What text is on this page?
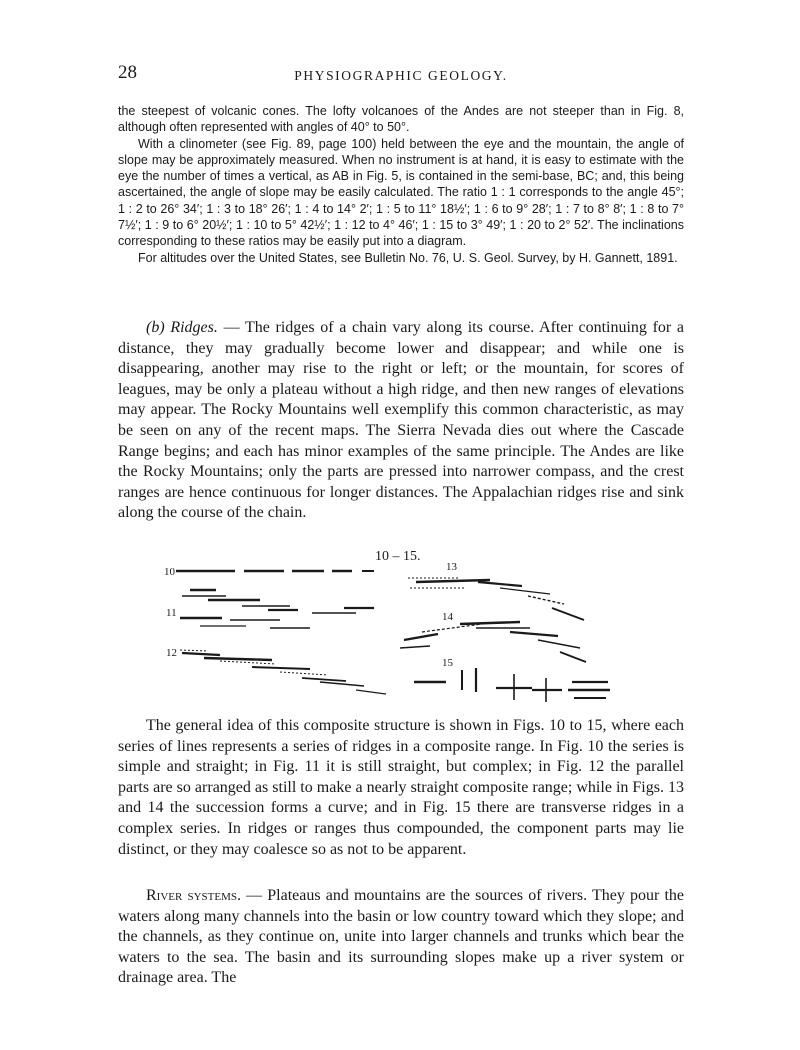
28	PHYSIOGRAPHIC GEOLOGY.

the steepest of volcanic cones. The lofty volcanoes of the Andes are not steeper than in Fig. 8, although often represented with angles of 40° to 50°.

With a clinometer (see Fig. 89, page 100) held between the eye and the mountain, the angle of slope may be approximately measured. When no instrument is at hand, it is easy to estimate with the eye the number of times a vertical, as AB in Fig. 5, is contained in the semi-base, BC; and, this being ascertained, the angle of slope may be easily calculated. The ratio 1 : 1 corresponds to the angle 45°; 1 : 2 to 26° 34′; 1 : 3 to 18° 26′; 1 : 4 to 14° 2′; 1 : 5 to 11° 18½′; 1 : 6 to 9° 28′; 1 : 7 to 8° 8′; 1 : 8 to 7° 7½′; 1 : 9 to 6° 20½′; 1 : 10 to 5° 42½′; 1 : 12 to 4° 46′; 1 : 15 to 3° 49′; 1 : 20 to 2° 52′. The inclinations corresponding to these ratios may be easily put into a diagram.

For altitudes over the United States, see Bulletin No. 76, U. S. Geol. Survey, by H. Gannett, 1891.

(b) Ridges. — The ridges of a chain vary along its course. After continuing for a distance, they may gradually become lower and disappear; and while one is disappearing, another may rise to the right or left; or the mountain, for scores of leagues, may be only a plateau without a high ridge, and then new ranges of elevations may appear. The Rocky Mountains well exemplify this common characteristic, as may be seen on any of the recent maps. The Sierra Nevada dies out where the Cascade Range begins; and each has minor examples of the same principle. The Andes are like the Rocky Mountains; only the parts are pressed into narrower compass, and the crest ranges are hence continuous for longer distances. The Appalachian ridges rise and sink along the course of the chain.

10 – 15.
10
11
12
13
14
15

The general idea of this composite structure is shown in Figs. 10 to 15, where each series of lines represents a series of ridges in a composite range. In Fig. 10 the series is simple and straight; in Fig. 11 it is still straight, but complex; in Fig. 12 the parallel parts are so arranged as still to make a nearly straight composite range; while in Figs. 13 and 14 the succession forms a curve; and in Fig. 15 there are transverse ridges in a complex series. In ridges or ranges thus compounded, the component parts may lie distinct, or they may coalesce so as not to be apparent.

River systems. — Plateaus and mountains are the sources of rivers. They pour the waters along many channels into the basin or low country toward which they slope; and the channels, as they continue on, unite into larger channels and trunks which bear the waters to the sea. The basin and its surrounding slopes make up a river system or drainage area. The
